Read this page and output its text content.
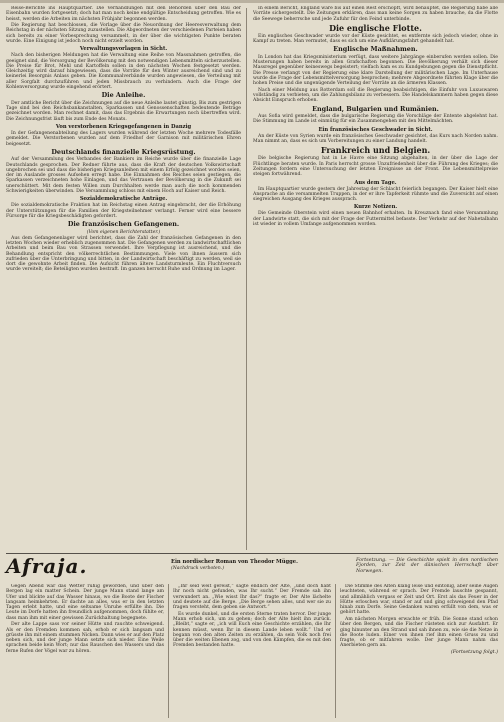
Reise-Berichte ins Hauptquartier. Die Verhandlungen mit den Behörden über den Bau der Eisenbahn wurden fortgesetzt; doch hat man noch keine endgültige Entscheidung getroffen. Wie es heisst, werden die Arbeiten im nächsten Frühjahr begonnen werden.

Die Regierung hat beschlossen, die Vorlage über die Neuordnung der Heeresverwaltung dem Reichstag in der nächsten Sitzung zuzustellen. Die Abgeordneten der verschiedenen Parteien haben sich bereits zu einer Vorbesprechung versammelt, in der über die wichtigsten Punkte beraten wurde. Eine Einigung ist jedoch noch nicht erzielt worden.

Verwaltungsvorlagen in Sicht.

Nach den bisherigen Meldungen hat die Verwaltung eine Reihe von Massnahmen getroffen, die geeignet sind, die Versorgung der Bevölkerung mit den notwendigen Lebensmitteln sicherzustellen. Die Preise für Brot, Mehl und Kartoffeln sollen in den nächsten Wochen festgesetzt werden. Gleichzeitig wird darauf hingewiesen, dass die Vorräte für den Winter ausreichend sind und zu keinerlei Besorgnis Anlass geben. Die Kommunalverbände wurden angewiesen, die Verteilung mit aller Sorgfalt durchzuführen und jeden Missbrauch zu verhindern. Auch die Frage der Kohlenversorgung wurde eingehend erörtert.

Die Anleihe.

Der amtliche Bericht über die Zeichnungen auf die neue Anleihe lautet günstig. Bis zum gestrigen Tage sind bei den Reichsbankanstalten, Sparkassen und Genossenschaften bedeutende Beträge gezeichnet worden. Man rechnet damit, dass das Ergebnis die Erwartungen noch übertreffen wird. Die Zeichnungsfrist läuft bis zum Ende des Monats.

Von verstorbenen Kriegsgefangenen in Danzig

In der Gefangenenabteilung des Lagers wurden während der letzten Woche mehrere Todesfälle gemeldet. Die Verstorbenen wurden auf dem Friedhof der Garnison mit militärischen Ehren beigesetzt.

Deutschlands finanzielle Kriegsrüstung.

Auf der Versammlung des Verbandes der Bankiers im Reiche wurde über die finanzielle Lage Deutschlands gesprochen. Der Redner führte aus, dass die Kraft der deutschen Volkswirtschaft ungebrochen sei und dass die bisherigen Kriegsanleihen mit einem Erfolg gezeichnet worden seien, der im Auslande grosses Aufsehen erregt habe. Die Einnahmen des Reiches seien gestiegen, die Sparkassen verzeichneten hohe Einlagen, und das Vertrauen der Bevölkerung in die Zukunft sei unerschüttert. Mit dem festen Willen zum Durchhalten werde man auch die noch kommenden Schwierigkeiten überwinden. Die Versammlung schloss mit einem Hoch auf Kaiser und Reich.

Sozialdemokratische Anträge.

Die sozialdemokratische Fraktion hat im Reichstag einen Antrag eingebracht, der die Erhöhung der Unterstützungen für die Familien der Kriegsteilnehmer verlangt. Ferner wird eine bessere Fürsorge für die Kriegsbeschädigten gefordert.

Die französischen Gefangenen.
(Vom eigenen Berichterstatter.)

Aus dem Gefangenenlager wird berichtet, dass die Zahl der französischen Gefangenen in den letzten Wochen wieder erheblich zugenommen hat. Die Gefangenen werden zu landwirtschaftlichen Arbeiten und beim Bau von Strassen verwendet. Ihre Verpflegung ist ausreichend, und die Behandlung entspricht den völkerrechtlichen Bestimmungen. Viele von ihnen äussern sich zufrieden über die Unterbringung und bitten, in der Landwirtschaft beschäftigt zu werden, weil sie dort die gewohnte Arbeit finden. Die Aufsicht führen ältere Landsturmleute. Ein Fluchtversuch wurde vereitelt; die Beteiligten wurden bestraft. Im ganzen herrscht Ruhe und Ordnung im Lager.

In einem Bericht, England wäre bis auf einen Rest erschöpft, wird behauptet, die Regierung habe alle Vorräte sichergestellt. Die Zeitungen erklären, dass man keine Sorgen zu haben brauche, da die Flotte die Seewege beherrsche und jede Zufuhr für den Feind unterbinde.

Die englische Flotte.

Ein englisches Geschwader wurde vor der Küste gesichtet, es entfernte sich jedoch wieder, ohne in Kampf zu treten. Man vermutet, dass es sich um eine Aufklärungsfahrt gehandelt hat.

Englische Maßnahmen.

In London hat das Kriegsministerium verfügt, dass weitere Jahrgänge einberufen werden sollen. Die Musterungen haben bereits in allen Grafschaften begonnen. Die Bevölkerung verhält sich dieser Massregel gegenüber keineswegs begeistert; vielfach kam es zu Kundgebungen gegen die Dienstpflicht. Die Presse verlangt von der Regierung eine klare Darstellung der militärischen Lage. Im Unterhause wurde die Frage der Lebensmittelversorgung besprochen; mehrere Abgeordnete führten Klage über die hohen Preise und die ungenügende Verteilung der Vorräte an die ärmeren Klassen.

Nach einer Meldung aus Rotterdam soll die Regierung beabsichtigen, die Einfuhr von Luxuswaren vollständig zu verbieten, um die Zahlungsbilanz zu verbessern. Die Handelskammern haben gegen diese Absicht Einspruch erhoben.

England, Bulgarien und Rumänien.

Aus Sofia wird gemeldet, dass die bulgarische Regierung die Vorschläge der Entente abgelehnt hat. Die Stimmung im Lande ist einmütig für ein Zusammengehen mit den Mittelmächten.

Ein französisches Geschwader in Sicht.

An der Küste von Syrien wurde ein französisches Geschwader gesichtet, das Kurs nach Norden nahm. Man nimmt an, dass es sich um Vorbereitungen zu einer Landung handelt.

Frankreich und Belgien.

Die belgische Regierung hat in Le Havre eine Sitzung abgehalten, in der über die Lage der Flüchtlinge beraten wurde. In Paris herrscht grosse Unzufriedenheit über die Führung des Krieges; die Zeitungen fordern eine Untersuchung der letzten Ereignisse an der Front. Die Lebensmittelpreise steigen fortwährend.

Aus dem Tage.

Im Hauptquartier wurde gestern der Jahrestag der Schlacht feierlich begangen. Der Kaiser hielt eine Ansprache an die versammelten Truppen, in der er ihre Tapferkeit rühmte und die Zuversicht auf einen siegreichen Ausgang des Krieges aussprach.

Kurze Notizen.

Die Gemeinde Oberstein wird einen neuen Bahnhof erhalten. In Kreuznach fand eine Versammlung der Landwirte statt, die sich mit der Frage der Futtermittel befasste. Der Verkehr auf der Nahetalbahn ist wieder in vollem Umfange aufgenommen worden.

Afraja.	Ein nordischer Roman von Theodor Mügge.
(Nachdruck verboten.)
Fortsetzung. — Die Geschichte spielt in den nordischen Fjorden, zur Zeit der dänischen Herrschaft über Norwegen.

Gegen Abend war das Wetter ruhig geworden, und über den Bergen lag ein matter Schein. Der junge Mann stand lange am Ufer und blickte auf das Wasser hinaus, wo die Boote der Fischer langsam heimkehrten. Er dachte an alles, was er in den letzten Tagen erlebt hatte, und eine seltsame Unruhe erfüllte ihn. Die Leute im Dorfe hatten ihn freundlich aufgenommen, doch fühlte er, dass man ihm mit einer gewissen Zurückhaltung begegnete.

Der alte Lappe sass vor seiner Hütte und rauchte schweigend. Als er den Fremden kommen sah, erhob er sich langsam und grüsste ihn mit einem stummen Nicken. Dann wies er auf den Platz neben sich, und der junge Mann setzte sich nieder. Eine Weile sprachen beide kein Wort; nur das Rauschen des Wassers und das ferne Rufen der Vögel war zu hören.

„Ihr seid weit gereist,“ sagte endlich der Alte, „und doch habt Ihr noch nicht gefunden, was Ihr sucht.“ Der Fremde sah ihn verwundert an. „Wie wisst Ihr das?“ fragte er. Der Alte lächelte und deutete auf die Berge. „Die Berge sehen alles, und wer sie zu fragen versteht, dem geben sie Antwort.“

Es wurde dunkel, und die ersten Sterne traten hervor. Der junge Mann erhob sich, um zu gehen; doch der Alte hielt ihn zurück. „Bleibt,“ sagte er, „ich will Euch eine Geschichte erzählen, die Ihr kennen müsst, wenn Ihr in diesem Lande leben wollt.“ Und er begann von den alten Zeiten zu erzählen, da sein Volk noch frei über die weiten Ebenen zog, und von den Kämpfen, die es mit den Fremden bestanden hatte.

Die Stimme des Alten klang leise und eintönig, aber seine Augen leuchteten, während er sprach. Der Fremde lauschte gespannt, und allmählich vergass er Zeit und Ort. Erst als das Feuer in der Hütte erloschen war, stand er auf und ging schweigend den Pfad hinab zum Dorfe. Seine Gedanken waren erfüllt von dem, was er gehört hatte.

Am nächsten Morgen erwachte er früh. Die Sonne stand schon über den Bergen, und die Fischer rüsteten sich zur Ausfahrt. Er ging hinunter an den Strand und sah ihnen zu, wie sie die Netze in die Boote luden. Einer von ihnen rief ihm einen Gruss zu und fragte, ob er mitfahren wolle. Der junge Mann nahm das Anerbieten gern an.

(Fortsetzung folgt.)
